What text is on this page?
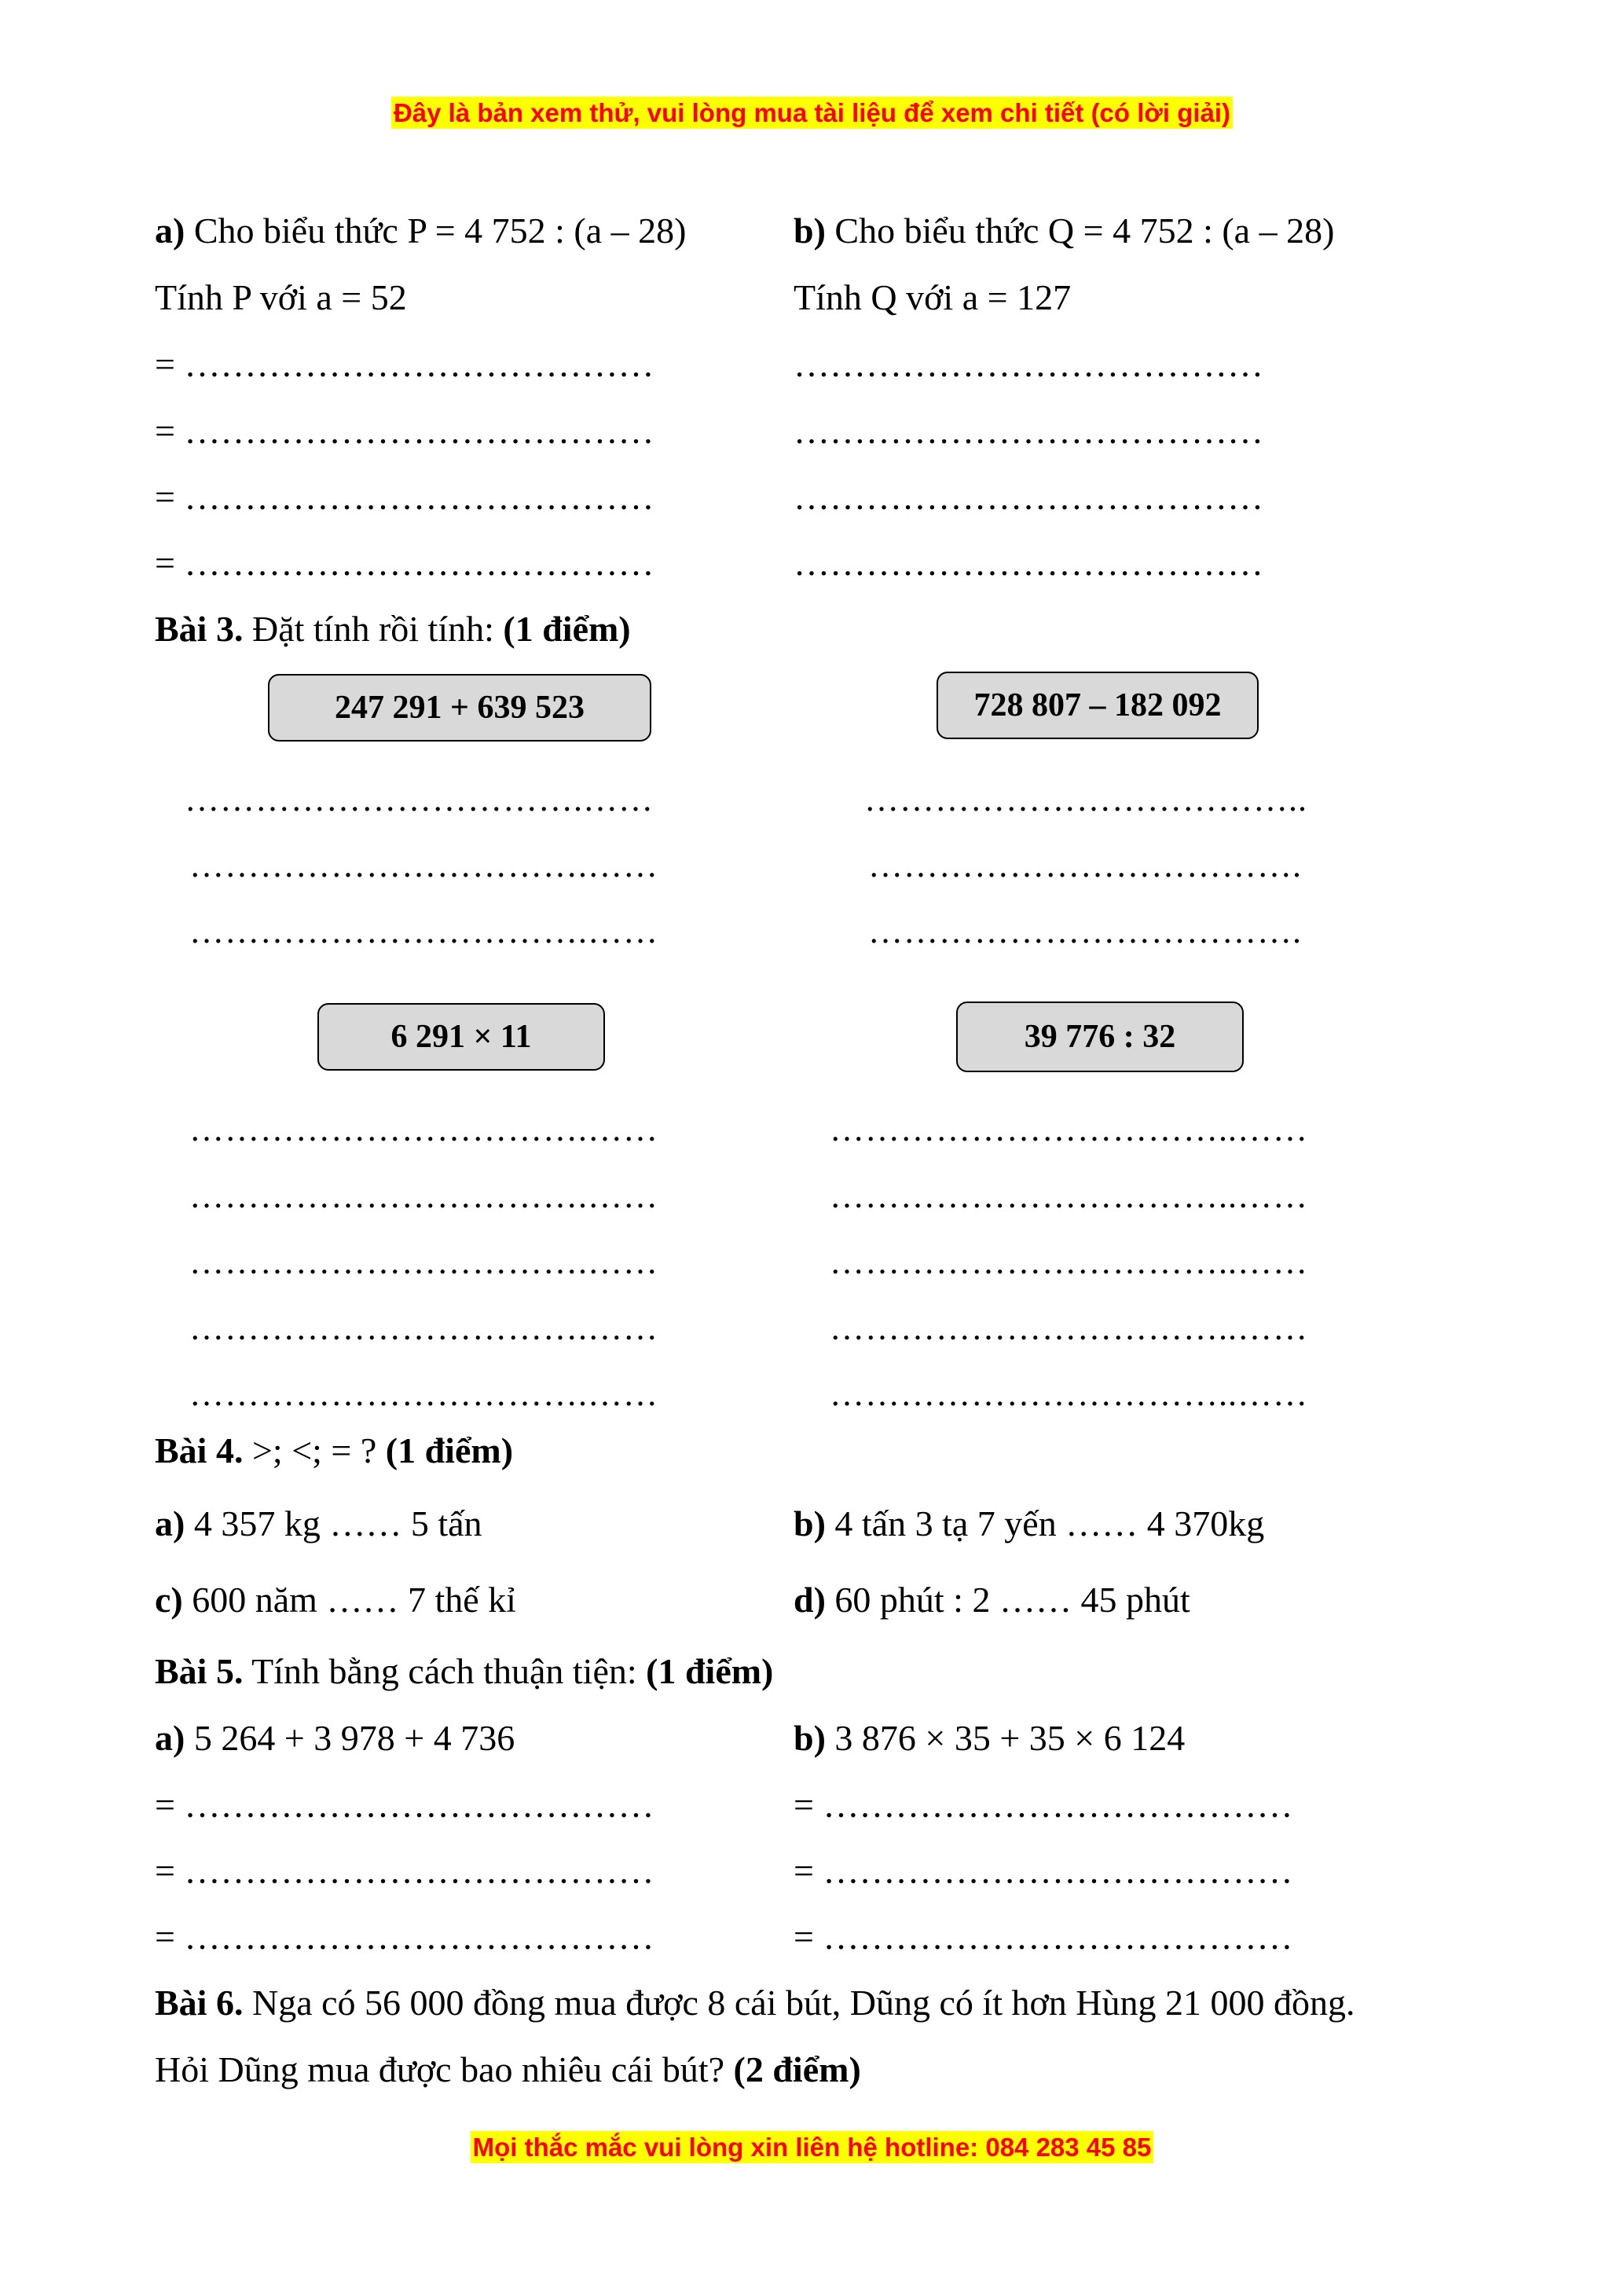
Đây là bản xem thử, vui lòng mua tài liệu để xem chi tiết (có lời giải)
a) Cho biểu thức P = 4 752 : (a – 28)	b) Cho biểu thức Q = 4 752 : (a – 28)
Tính P với a = 52	Tính Q với a = 127
= …………………………………
= …………………………………
= …………………………………
= …………………………………
…………………………………
…………………………………
…………………………………
…………………………………
Bài 3. Đặt tính rồi tính: (1 điểm)
247 291 + 639 523	728 807 – 182 092
…………………………….……
…………………………….……
…………………………….……
………………………………..
……………………………….
……………………………….
6 291 × 11	39 776 : 32
…………………………….……
…………………………….……
…………………………….……
…………………………….……
…………………………….……
……………………………..……
……………………………..……
……………………………..……
……………………………..……
……………………………..……
Bài 4. >; <; = ? (1 điểm)
a) 4 357 kg …… 5 tấn	b) 4 tấn 3 tạ 7 yến …… 4 370kg
c) 600 năm …… 7 thế kỉ	d) 60 phút : 2 …… 45 phút
Bài 5. Tính bằng cách thuận tiện: (1 điểm)
a) 5 264 + 3 978 + 4 736	b) 3 876 × 35 + 35 × 6 124
= …………………………………
= …………………………………
= …………………………………
= …………………………………
= …………………………………
= …………………………………
Bài 6. Nga có 56 000 đồng mua được 8 cái bút, Dũng có ít hơn Hùng 21 000 đồng.
Hỏi Dũng mua được bao nhiêu cái bút? (2 điểm)
Mọi thắc mắc vui lòng xin liên hệ hotline: 084 283 45 85
